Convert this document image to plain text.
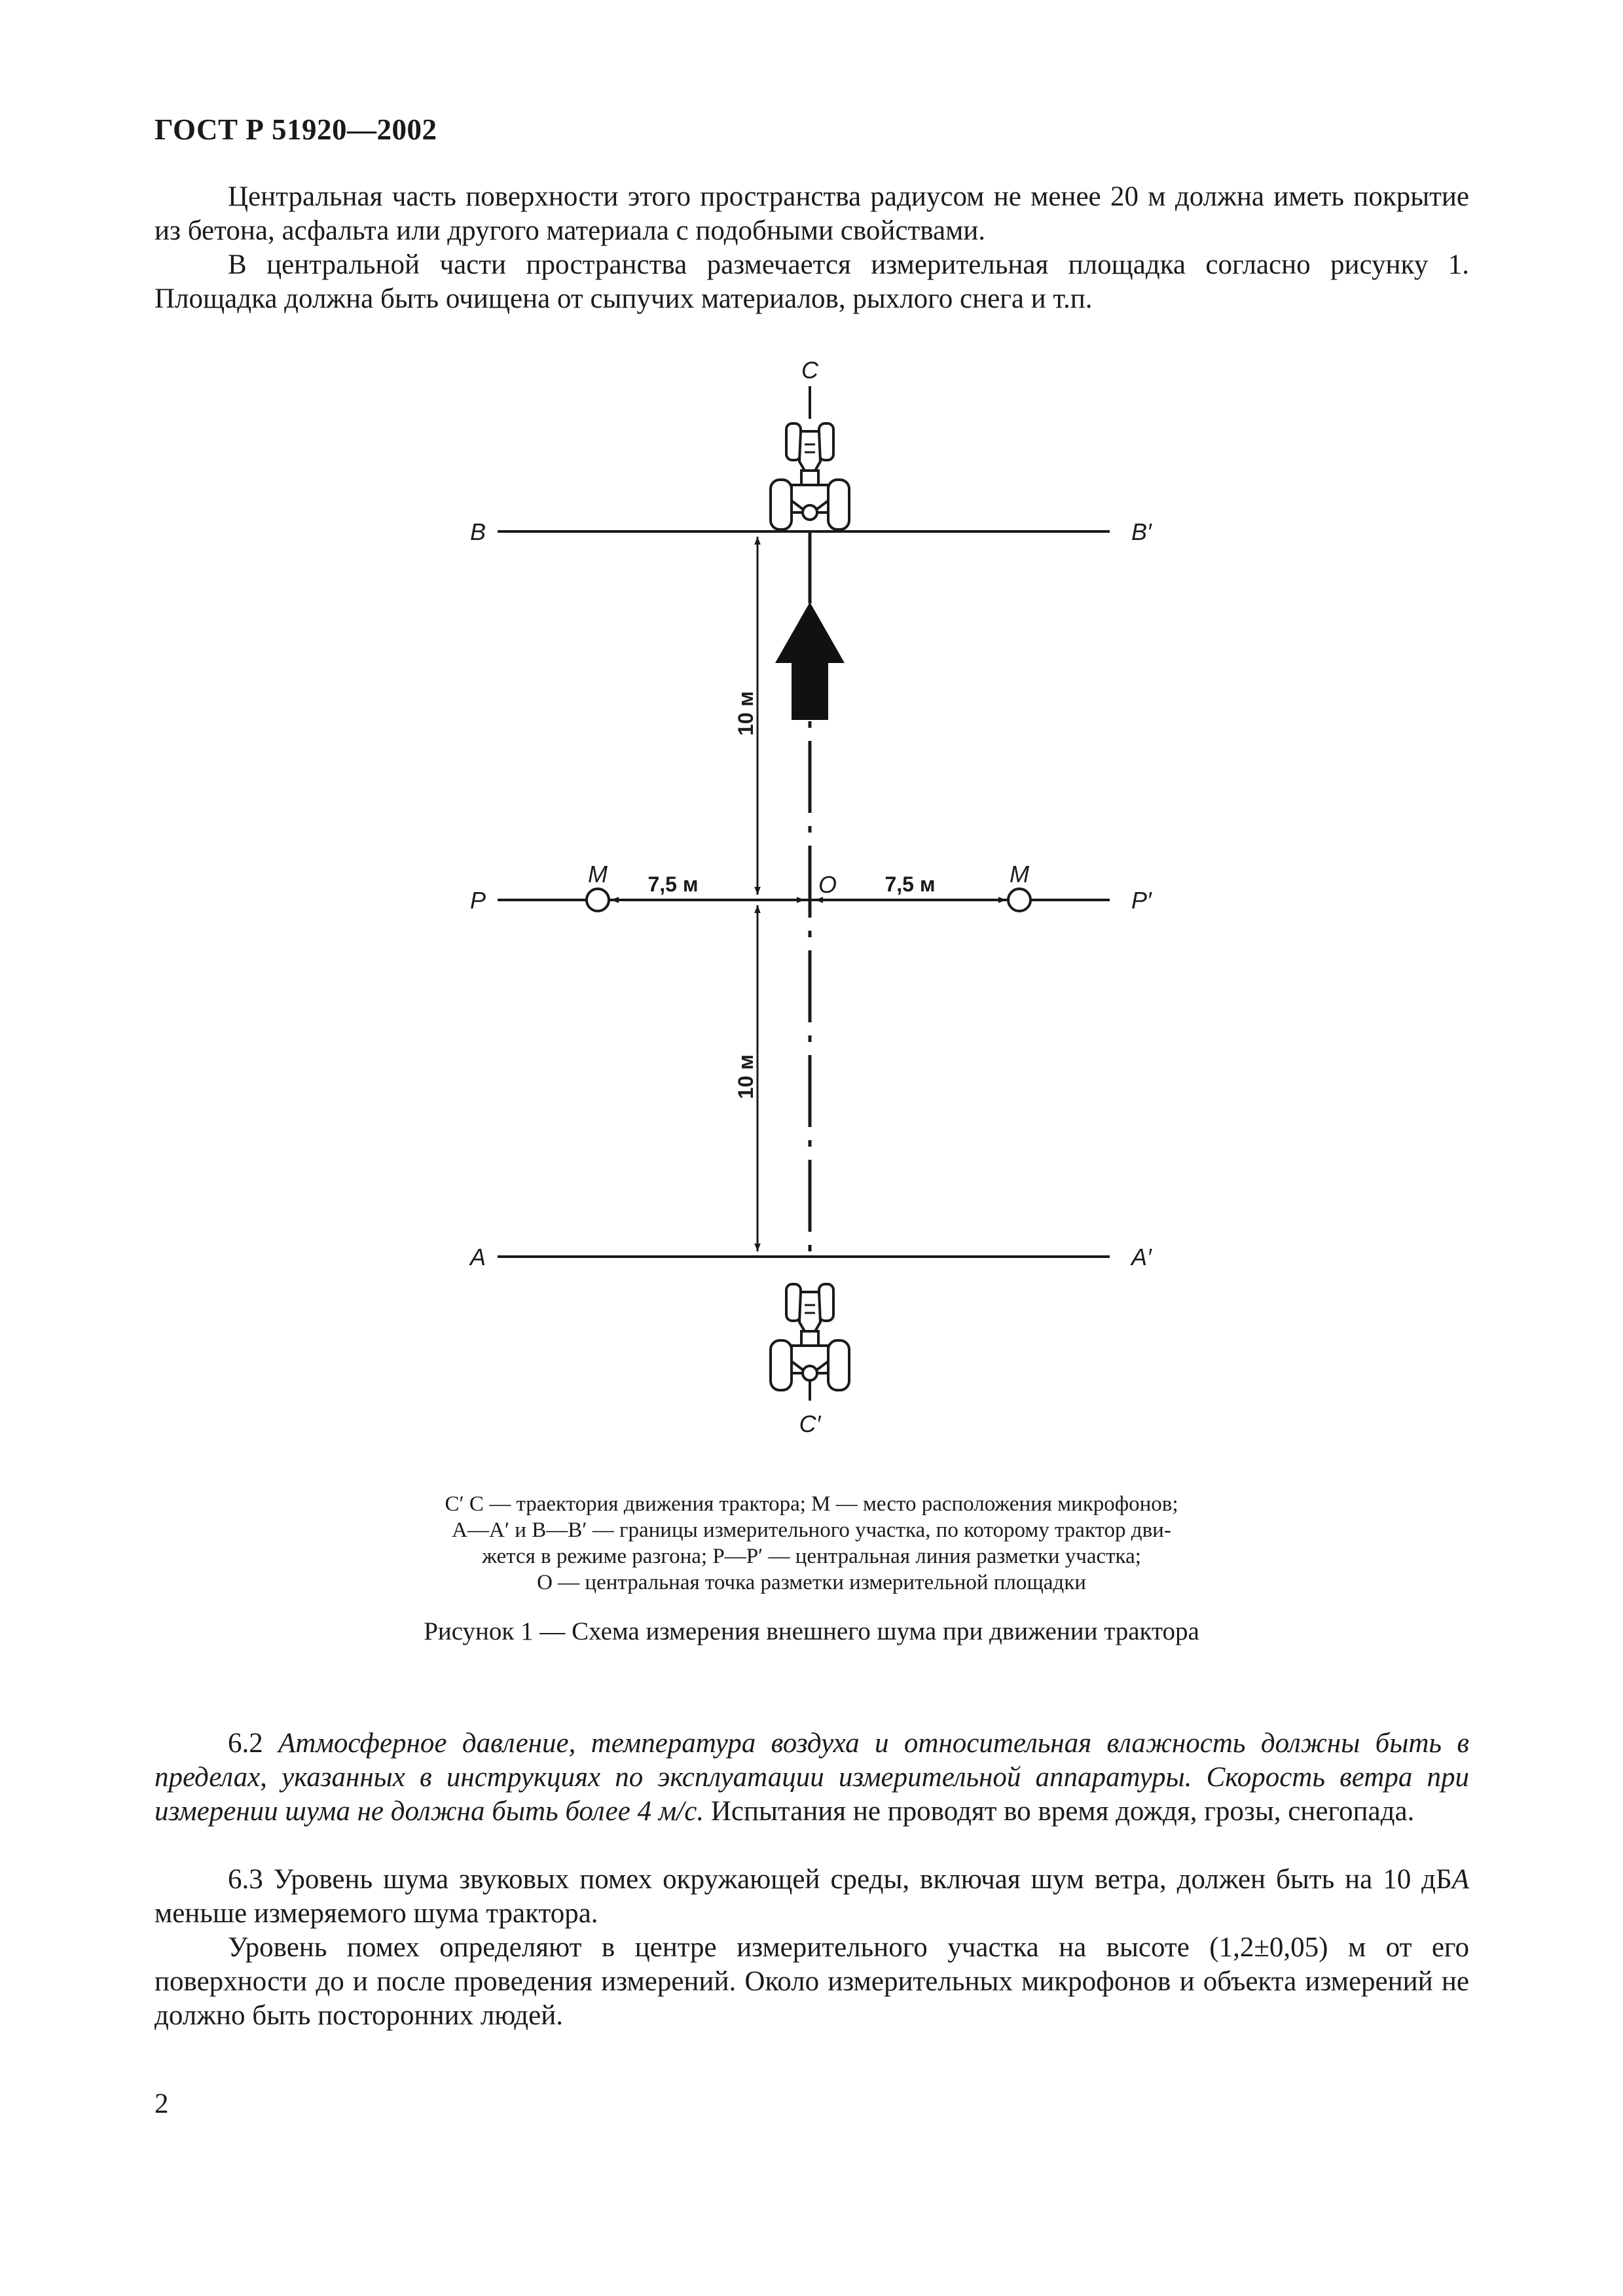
ГОСТ Р 51920—2002

Центральная часть поверхности этого пространства радиусом не менее 20 м должна иметь покрытие из бетона, асфальта или другого материала с подобными свойствами.

В центральной части пространства размечается измерительная площадка согласно рисунку 1. Площадка должна быть очищена от сыпучих материалов, рыхлого снега и т.п.

C
C′
B	B′
P	P′
A	A′
M	M
O
7,5 м	7,5 м
10 м
10 м
C′ C — траектория движения трактора; M — место расположения микрофонов;
A—A′ и B—B′ — границы измерительного участка, по которому трактор дви-
жется в режиме разгона; P—P′ — центральная линия разметки участка;
O — центральная точка разметки измерительной площадки
Рисунок 1 — Схема измерения внешнего шума при движении трактора

6.2 Атмосферное давление, температура воздуха и относительная влажность должны быть в пределах, указанных в инструкциях по эксплуатации измерительной аппаратуры. Скорость ветра при измерении шума не должна быть более 4 м/с. Испытания не проводят во время дождя, грозы, снегопада.

6.3 Уровень шума звуковых помех окружающей среды, включая шум ветра, должен быть на 10 дБA меньше измеряемого шума трактора.

Уровень помех определяют в центре измерительного участка на высоте (1,2±0,05) м от его поверхности до и после проведения измерений. Около измерительных микрофонов и объекта измерений не должно быть посторонних людей.

2
